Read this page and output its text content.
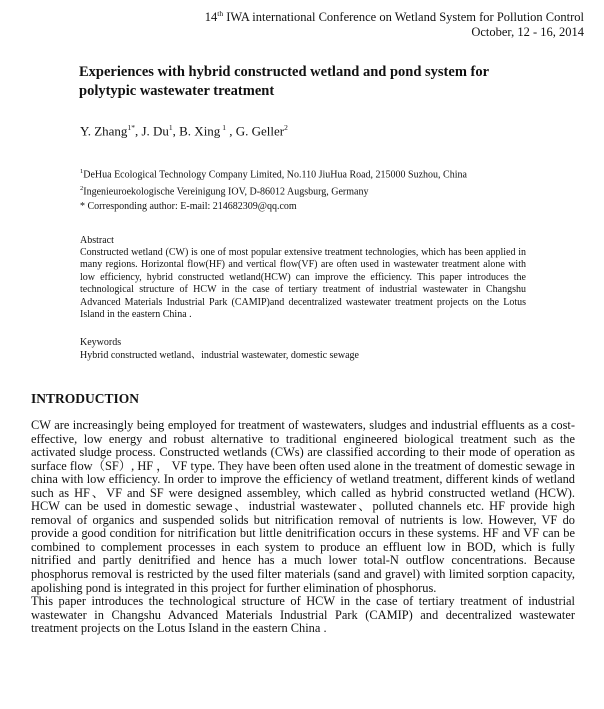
14th IWA international Conference on Wetland System for Pollution Control
October, 12 - 16, 2014
Experiences with hybrid constructed wetland and pond system for polytypic wastewater treatment
Y. Zhang$^{1*}$, J. Du$^1$, B. Xing $^1$ , G. Geller$^2$
$^1$DeHua Ecological Technology Company Limited, No.110 JiuHua Road, 215000 Suzhou, China
$^2$Ingenieuroekologische Vereinigung IOV, D-86012 Augsburg, Germany
* Corresponding author: E-mail: 214682309@qq.com
Abstract
Constructed wetland (CW) is one of most popular extensive treatment technologies, which has been applied in many regions. Horizontal flow(HF) and vertical flow(VF) are often used in wastewater treatment alone with low efficiency, hybrid constructed wetland(HCW) can improve the efficiency. This paper introduces the technological structure of HCW in the case of tertiary treatment of industrial wastewater in Changshu Advanced Materials Industrial Park (CAMIP)and decentralized wastewater treatment projects on the Lotus Island in the eastern China .
Keywords
Hybrid constructed wetland、industrial wastewater, domestic sewage
INTRODUCTION

CW are increasingly being employed for treatment of wastewaters, sludges and industrial effluents as a cost-effective, low energy and robust alternative to traditional engineered biological treatment such as the activated sludge process. Constructed wetlands (CWs) are classified according to their mode of operation as surface flow（SF）, HF ， VF type. They have been often used alone in the treatment of domestic sewage in china with low efficiency. In order to improve the efficiency of wetland treatment, different kinds of wetland such as HF、VF and SF were designed assembley, which called as hybrid constructed wetland (HCW). HCW can be used in domestic sewage、industrial wastewater、polluted channels etc. HF provide high removal of organics and suspended solids but nitrification removal of nutrients is low. However, VF do provide a good condition for nitrification but little denitrification occurs in these systems. HF and VF can be combined to complement processes in each system to produce an effluent low in BOD, which is fully nitrified and partly denitrified and hence has a much lower total-N outflow concentrations. Because phosphorus removal is restricted by the used filter materials (sand and gravel) with limited sorption capacity, apolishing pond is integrated in this project for further elimination of phosphorus.

This paper introduces the technological structure of HCW in the case of tertiary treatment of industrial wastewater in Changshu Advanced Materials Industrial Park (CAMIP) and decentralized wastewater treatment projects on the Lotus Island in the eastern China .
